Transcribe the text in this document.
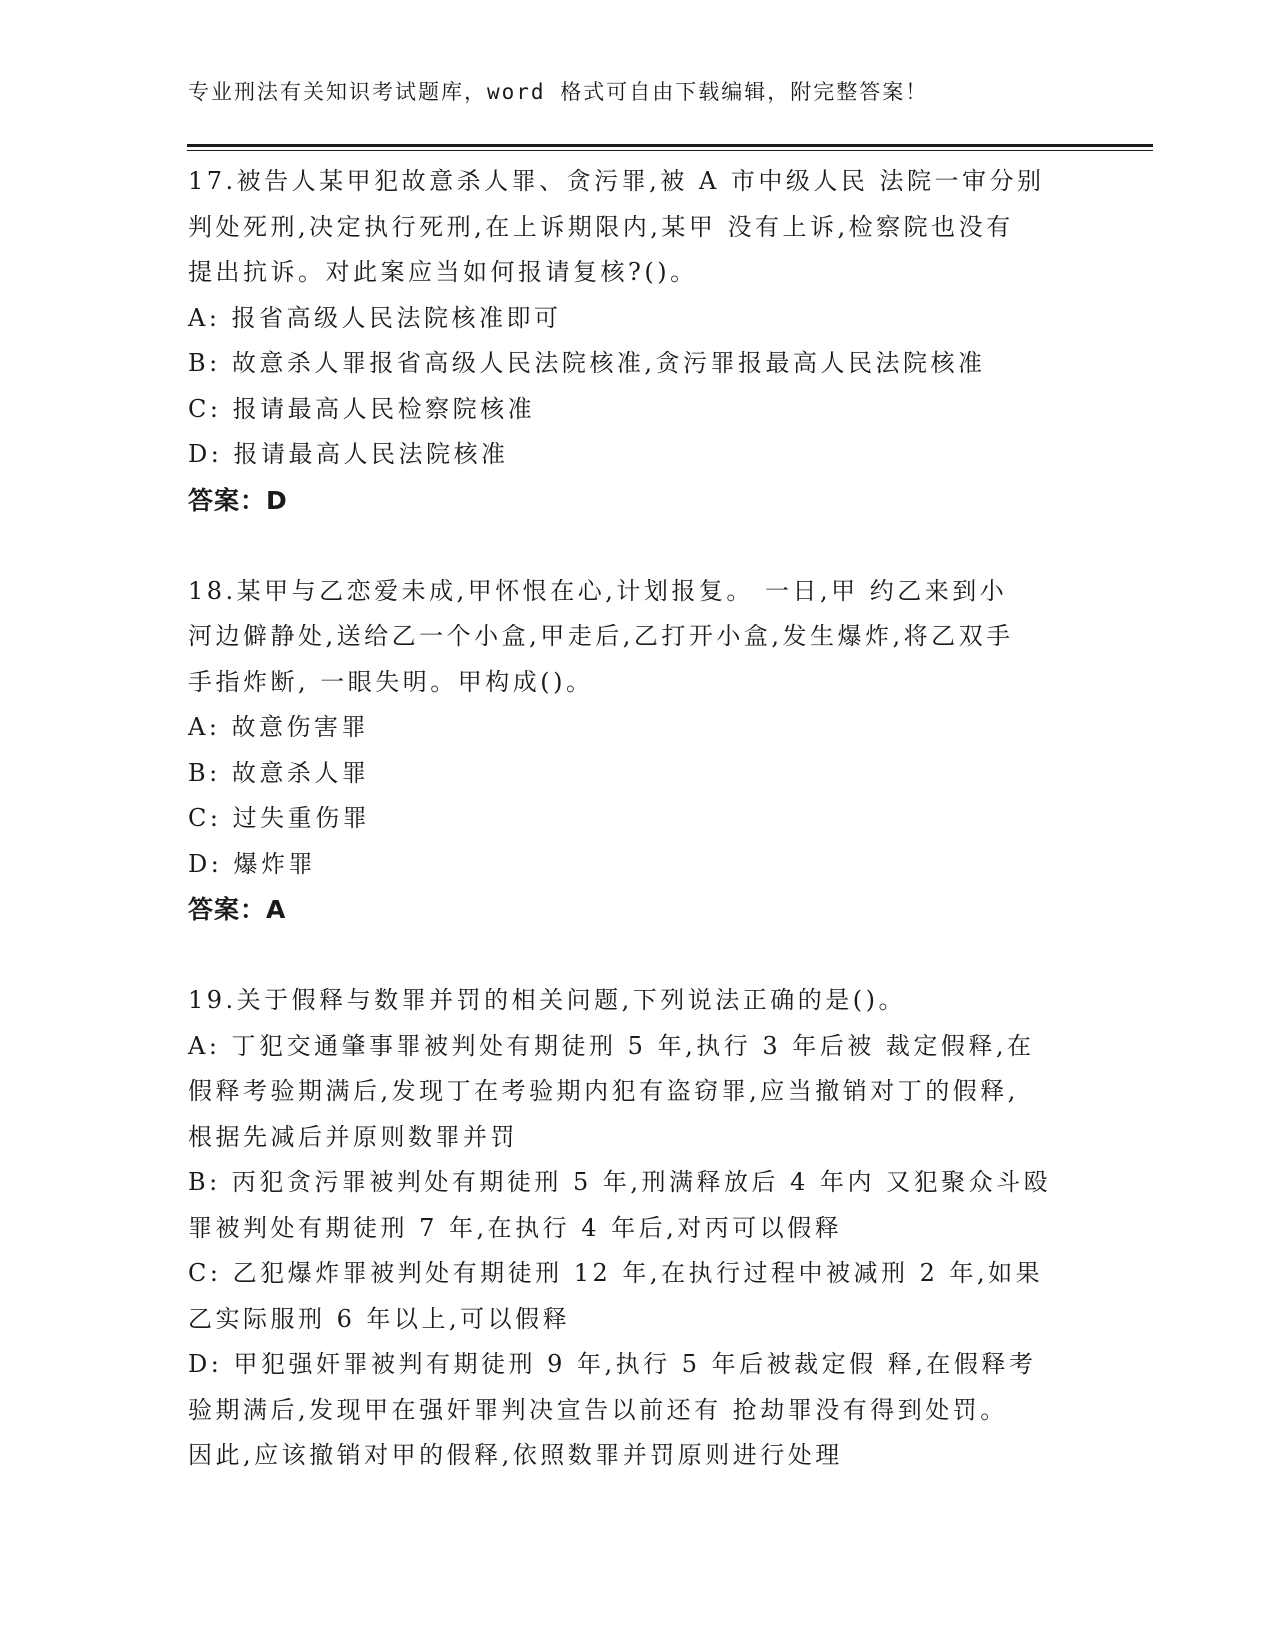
专业刑法有关知识考试题库，word 格式可自由下载编辑，附完整答案！
17.被告人某甲犯故意杀人罪、贪污罪,被 A 市中级人民 法院一审分别
判处死刑,决定执行死刑,在上诉期限内,某甲 没有上诉,检察院也没有
提出抗诉。对此案应当如何报请复核?()。
A: 报省高级人民法院核准即可
B: 故意杀人罪报省高级人民法院核准,贪污罪报最高人民法院核准
C: 报请最高人民检察院核准
D: 报请最高人民法院核准
答案：D
18.某甲与乙恋爱未成,甲怀恨在心,计划报复。 一日,甲 约乙来到小
河边僻静处,送给乙一个小盒,甲走后,乙打开小盒,发生爆炸,将乙双手
手指炸断, 一眼失明。甲构成()。
A: 故意伤害罪
B: 故意杀人罪
C: 过失重伤罪
D: 爆炸罪
答案：A
19.关于假释与数罪并罚的相关问题,下列说法正确的是()。
A: 丁犯交通肇事罪被判处有期徒刑 5 年,执行 3 年后被 裁定假释,在
假释考验期满后,发现丁在考验期内犯有盗窃罪,应当撤销对丁的假释,
根据先减后并原则数罪并罚
B: 丙犯贪污罪被判处有期徒刑 5 年,刑满释放后 4 年内 又犯聚众斗殴
罪被判处有期徒刑 7 年,在执行 4 年后,对丙可以假释
C: 乙犯爆炸罪被判处有期徒刑 12 年,在执行过程中被减刑 2 年,如果
乙实际服刑 6 年以上,可以假释
D: 甲犯强奸罪被判有期徒刑 9 年,执行 5 年后被裁定假 释,在假释考
验期满后,发现甲在强奸罪判决宣告以前还有 抢劫罪没有得到处罚。
因此,应该撤销对甲的假释,依照数罪并罚原则进行处理
